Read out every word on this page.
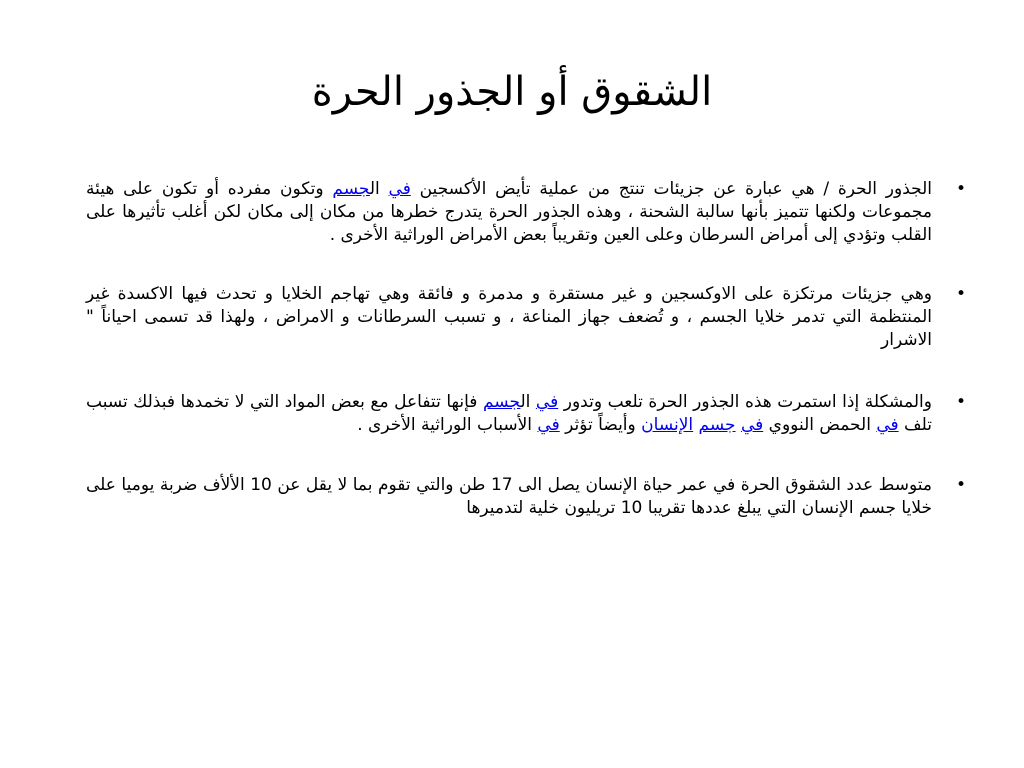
الشقوق أو الجذور الحرة
•
الجذور الحرة / هي عبارة عن جزيئات تنتج من عملية تأيض الأكسجين في الجسم وتكون مفرده أو تكون على هيئة مجموعات ولكنها تتميز بأنها سالبة الشحنة ، وهذه الجذور الحرة يتدرج خطرها من مكان إلى مكان لكن أغلب تأثيرها على القلب وتؤدي إلى أمراض السرطان وعلى العين وتقريباً بعض الأمراض الوراثية الأخرى .
•
وهي جزيئات مرتكزة على الاوكسجين و غير مستقرة و مدمرة و فائقة وهي تهاجم الخلايا و تحدث فيها الاكسدة غير المنتظمة التي تدمر خلايا الجسم ، و تُضعف جهاز المناعة ، و تسبب السرطانات و الامراض ، ولهذا قد تسمى احياناً " الاشرار
•
والمشكلة إذا استمرت هذه الجذور الحرة تلعب وتدور في الجسم فإنها تتفاعل مع بعض المواد التي لا تخمدها فبذلك تسبب تلف في الحمض النووي في جسم الإنسان وأيضاً تؤثر في الأسباب الوراثية الأخرى .
•
متوسط عدد الشقوق الحرة في عمر حياة الإنسان يصل الى 17 طن والتي تقوم بما لا يقل عن 10 الألأف ضربة يوميا على خلايا جسم الإنسان التي يبلغ عددها تقريبا 10 تريليون خلية لتدميرها
